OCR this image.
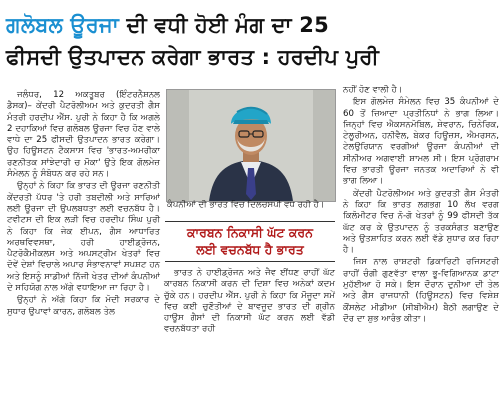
ਗਲੋਬਲ ਊਰਜਾ ਦੀ ਵਧੀ ਹੋਈ ਮੰਗ ਦਾ 25
ਫੀਸਦੀ ਉਤਪਾਦਨ ਕਰੇਗਾ ਭਾਰਤ : ਹਰਦੀਪ ਪੁਰੀ

ਜਲੰਧਰ, 12 ਅਕਤੂਬਰ (ਇੰਟਰਨੈਸ਼ਨਲ ਡੈਸਕ)– ਕੇਂਦਰੀ ਪੈਟਰੋਲੀਅਮ ਅਤੇ ਕੁਦਰਤੀ ਗੈਸ ਮੰਤਰੀ ਹਰਦੀਪ ਐੱਸ. ਪੁਰੀ ਨੇ ਕਿਹਾ ਹੈ ਕਿ ਅਗਲੇ 2 ਦਹਾਕਿਆਂ ਵਿਚ ਗਲੋਬਲ ਊਰਜਾ ਵਿਚ ਹੋਣ ਵਾਲੇ ਵਾਧੇ ਦਾ 25 ਫੀਸਦੀ ਉਤਪਾਦਨ ਭਾਰਤ ਕਰੇਗਾ। ਉਹ ਹਿਊਸਟਨ ਟੈਕਸਾਸ ਵਿਚ 'ਭਾਰਤ-ਅਮਰੀਕਾ ਰਣਨੀਤਕ ਸਾਂਝੇਦਾਰੀ ਚ ਮੌਕਾ' ਉਤੇ ਇਕ ਗੋਲਮੇਜ਼ ਸੰਮੇਲਨ ਨੂੰ ਸੰਬੋਧਨ ਕਰ ਰਹੇ ਸਨ।

ਉਨ੍ਹਾਂ ਨੇ ਕਿਹਾ ਕਿ ਭਾਰਤ ਦੀ ਊਰਜਾ ਰਣਨੀਤੀ ਕੇਂਦਰਤੀ ਪੱਧਰ 'ਤੇ ਹਰੀ ਤਬਦੀਲੀ ਅਤੇ ਸਾਰਿਆਂ ਲਈ ਊਰਜਾ ਦੀ ਉਪਲਬਧਤਾ ਲਈ ਵਚਨਬੱਧ ਹੈ। ਟਵੀਟਸ ਦੀ ਇਕ ਲੜੀ ਵਿਚ ਹਰਦੀਪ ਸਿੰਘ ਪੁਰੀ ਨੇ ਕਿਹਾ ਕਿ ਜੇਕ ਈਪਨ, ਗੈਸ ਆਧਾਰਿਤ ਅਰਥਵਿਵਸਥਾ, ਹਰੀ ਹਾਈਡ੍ਰੋਜਨ, ਪੈਟਰੋਕੈਮੀਕਲਸ ਅਤੇ ਅਪਸਟ੍ਰੀਮ ਖੇਤਰਾਂ ਵਿਚ ਦੋਵੇਂ ਦੇਸ਼ਾਂ ਵਿਚਾਲੇ ਅਪਾਰ ਸੰਭਾਵਨਾਵਾਂ ਸਪਸ਼ਟ ਹਨ ਅਤੇ ਇਸਨੂੰ ਸਾਡੀਆਂ ਨਿੱਜੀ ਖੇਤਰ ਦੀਆਂ ਕੰਪਨੀਆਂ ਦੇ ਸਹਿਯੋਗ ਨਾਲ ਅੱਗੇ ਵਧਾਇਆ ਜਾ ਰਿਹਾ ਹੈ।

ਉਨ੍ਹਾਂ ਨੇ ਅੱਗੇ ਕਿਹਾ ਕਿ ਮੋਦੀ ਸਰਕਾਰ ਦੇ ਸੁਧਾਰ ਉਪਾਵਾਂ ਕਾਰਨ, ਗਲੋਬਲ ਤੇਲ

ਕੰਪਨੀਆਂ ਦੀ ਭਾਰਤ ਵਿਚ ਦਿਲਚਸਪੀ ਵਧ ਰਹੀ ਹੈ।
ਕਾਰਬਨ ਨਿਕਾਸੀ ਘੱਟ ਕਰਨ
ਲਈ ਵਚਨਬੱਧ ਹੈ ਭਾਰਤ

ਭਾਰਤ ਨੇ ਹਾਈਡ੍ਰੋਜਨ ਅਤੇ ਜੈਵ ਈਂਧਣ ਰਾਹੀਂ ਘੱਟ ਕਾਰਬਨ ਨਿਕਾਸੀ ਕਰਨ ਦੀ ਦਿਸ਼ਾ ਵਿਚ ਅਨੇਕਾਂ ਕਦਮ ਚੁੱਕੇ ਹਨ। ਹਰਦੀਪ ਐੱਸ. ਪੁਰੀ ਨੇ ਕਿਹਾ ਕਿ ਮੌਜੂਦਾ ਸਮੇਂ ਵਿਚ ਕਈ ਚੁਣੌਤੀਆਂ ਦੇ ਬਾਵਜੂਦ ਭਾਰਤ ਦੀ ਗ੍ਰੀਨ ਹਾਊਸ ਗੈਸਾਂ ਦੀ ਨਿਕਾਸੀ ਘੱਟ ਕਰਨ ਲਈ ਵੱਡੀ ਵਚਨਬੱਧਤਾ ਰਹੀ

ਨਹੀਂ ਹੋਣ ਵਾਲੀ ਹੈ।

ਇਸ ਗੋਲਮੇਜ਼ ਸੰਮੇਲਨ ਵਿਚ 35 ਕੰਪਨੀਆਂ ਦੇ 60 ਤੋਂ ਜ਼ਿਆਦਾ ਪ੍ਰਤੀਨਿਧਾਂ ਨੇ ਭਾਗ ਲਿਆ। ਜਿਨ੍ਹਾਂ ਵਿਚ ਐਕਸਨਮੋਬਿਲ, ਸ਼ੇਵਰਾਨ, ਚਿਨੇਰਿਕ, ਟੇਲੂਰੀਅਨ, ਹਨੀਵੈਲ, ਬੇਕਰ ਹਿਊਜ਼ਸ, ਐਮਰਸਨ, ਟੇਲਉਰਿਯਾਨ ਵਰਗੀਆਂ ਊਰਜਾ ਕੰਪਨੀਆਂ ਦੀ ਸੀਨੀਅਰ ਅਗਵਾਈ ਸ਼ਾਮਲ ਸੀ। ਇਸ ਪ੍ਰੋਗਰਾਮ ਵਿਚ ਭਾਰਤੀ ਊਰਜਾ ਜਨਤਕ ਅਦਾਰਿਆਂ ਨੇ ਵੀ ਭਾਗ ਲਿਆ।

ਕੇਂਦਰੀ ਪੈਟਰੋਲੀਅਮ ਅਤੇ ਕੁਦਰਤੀ ਗੈਸ ਮੰਤਰੀ ਨੇ ਕਿਹਾ ਕਿ ਭਾਰਤ ਲਗਭਗ 10 ਲੱਖ ਵਰਗ ਕਿਲੋਮੀਟਰ ਵਿਚ ਨੋ-ਗੋ ਖੇਤਰਾਂ ਨੂੰ 99 ਫੀਸਦੀ ਤੱਕ ਘੱਟ ਕਰ ਕੇ ਉਤਪਾਦਨ ਨੂੰ ਤਰਕਸੰਗਤ ਬਣਾਉਣ ਅਤੇ ਉਤਸ਼ਾਹਿਤ ਕਰਨ ਲਈ ਵੱਡੇ ਸੁਧਾਰ ਕਰ ਰਿਹਾ ਹੈ।

ਜਿਸ ਨਾਲ ਰਾਸ਼ਟਰੀ ਡਿਕਾਰਿਟੀ ਰਜਿਸਟਰੀ ਰਾਹੀਂ ਚੰਗੀ ਗੁਣਵੱਤਾ ਵਾਲਾ ਭੂ-ਵਿਗਿਆਨਕ ਡਾਟਾ ਮੁਹੱਈਆ ਹੋ ਸਕੇ। ਇਸ ਦੌਰਾਨ ਦੁਨੀਆ ਦੀ ਤੇਲ ਅਤੇ ਗੈਸ ਰਾਜਧਾਨੀ (ਹਿਊਸਟਨ) ਵਿਚ ਵਿਸ਼ੇਸ਼ ਕੌਂਸਲੇਟ ਮੀਡੀਆ (ਸੀਬੀਐਮ) ਬੈਠੀ ਲਗਾਉਣ ਦੇ ਦੌਰ ਦਾ ਸ਼ੁਭ ਆਰੰਭ ਕੀਤਾ।
